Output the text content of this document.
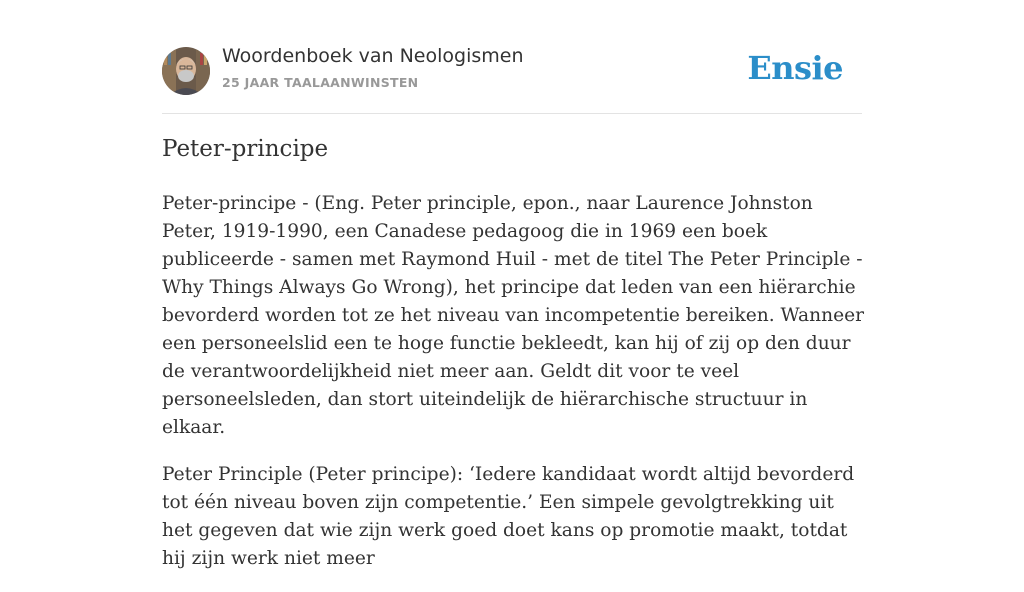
Woordenboek van Neologismen
25 JAAR TAALAANWINSTEN	Ensie
Peter-principe

Peter-principe - (Eng. Peter principle, epon., naar Laurence Johnston Peter, 1919-1990, een Canadese pedagoog die in 1969 een boek publiceerde - samen met Raymond Huil - met de titel The Peter Principle - Why Things Always Go Wrong), het principe dat leden van een hiërarchie bevorderd worden tot ze het niveau van incompetentie bereiken. Wanneer een personeelslid een te hoge functie bekleedt, kan hij of zij op den duur de verantwoordelijkheid niet meer aan. Geldt dit voor te veel personeelsleden, dan stort uiteindelijk de hiërarchische structuur in elkaar.

Peter Principle (Peter principe): ‘Iedere kandidaat wordt altijd bevorderd tot één niveau boven zijn competentie.’ Een simpele gevolgtrekking uit het gegeven dat wie zijn werk goed doet kans op promotie maakt, totdat hij zijn werk niet meer
